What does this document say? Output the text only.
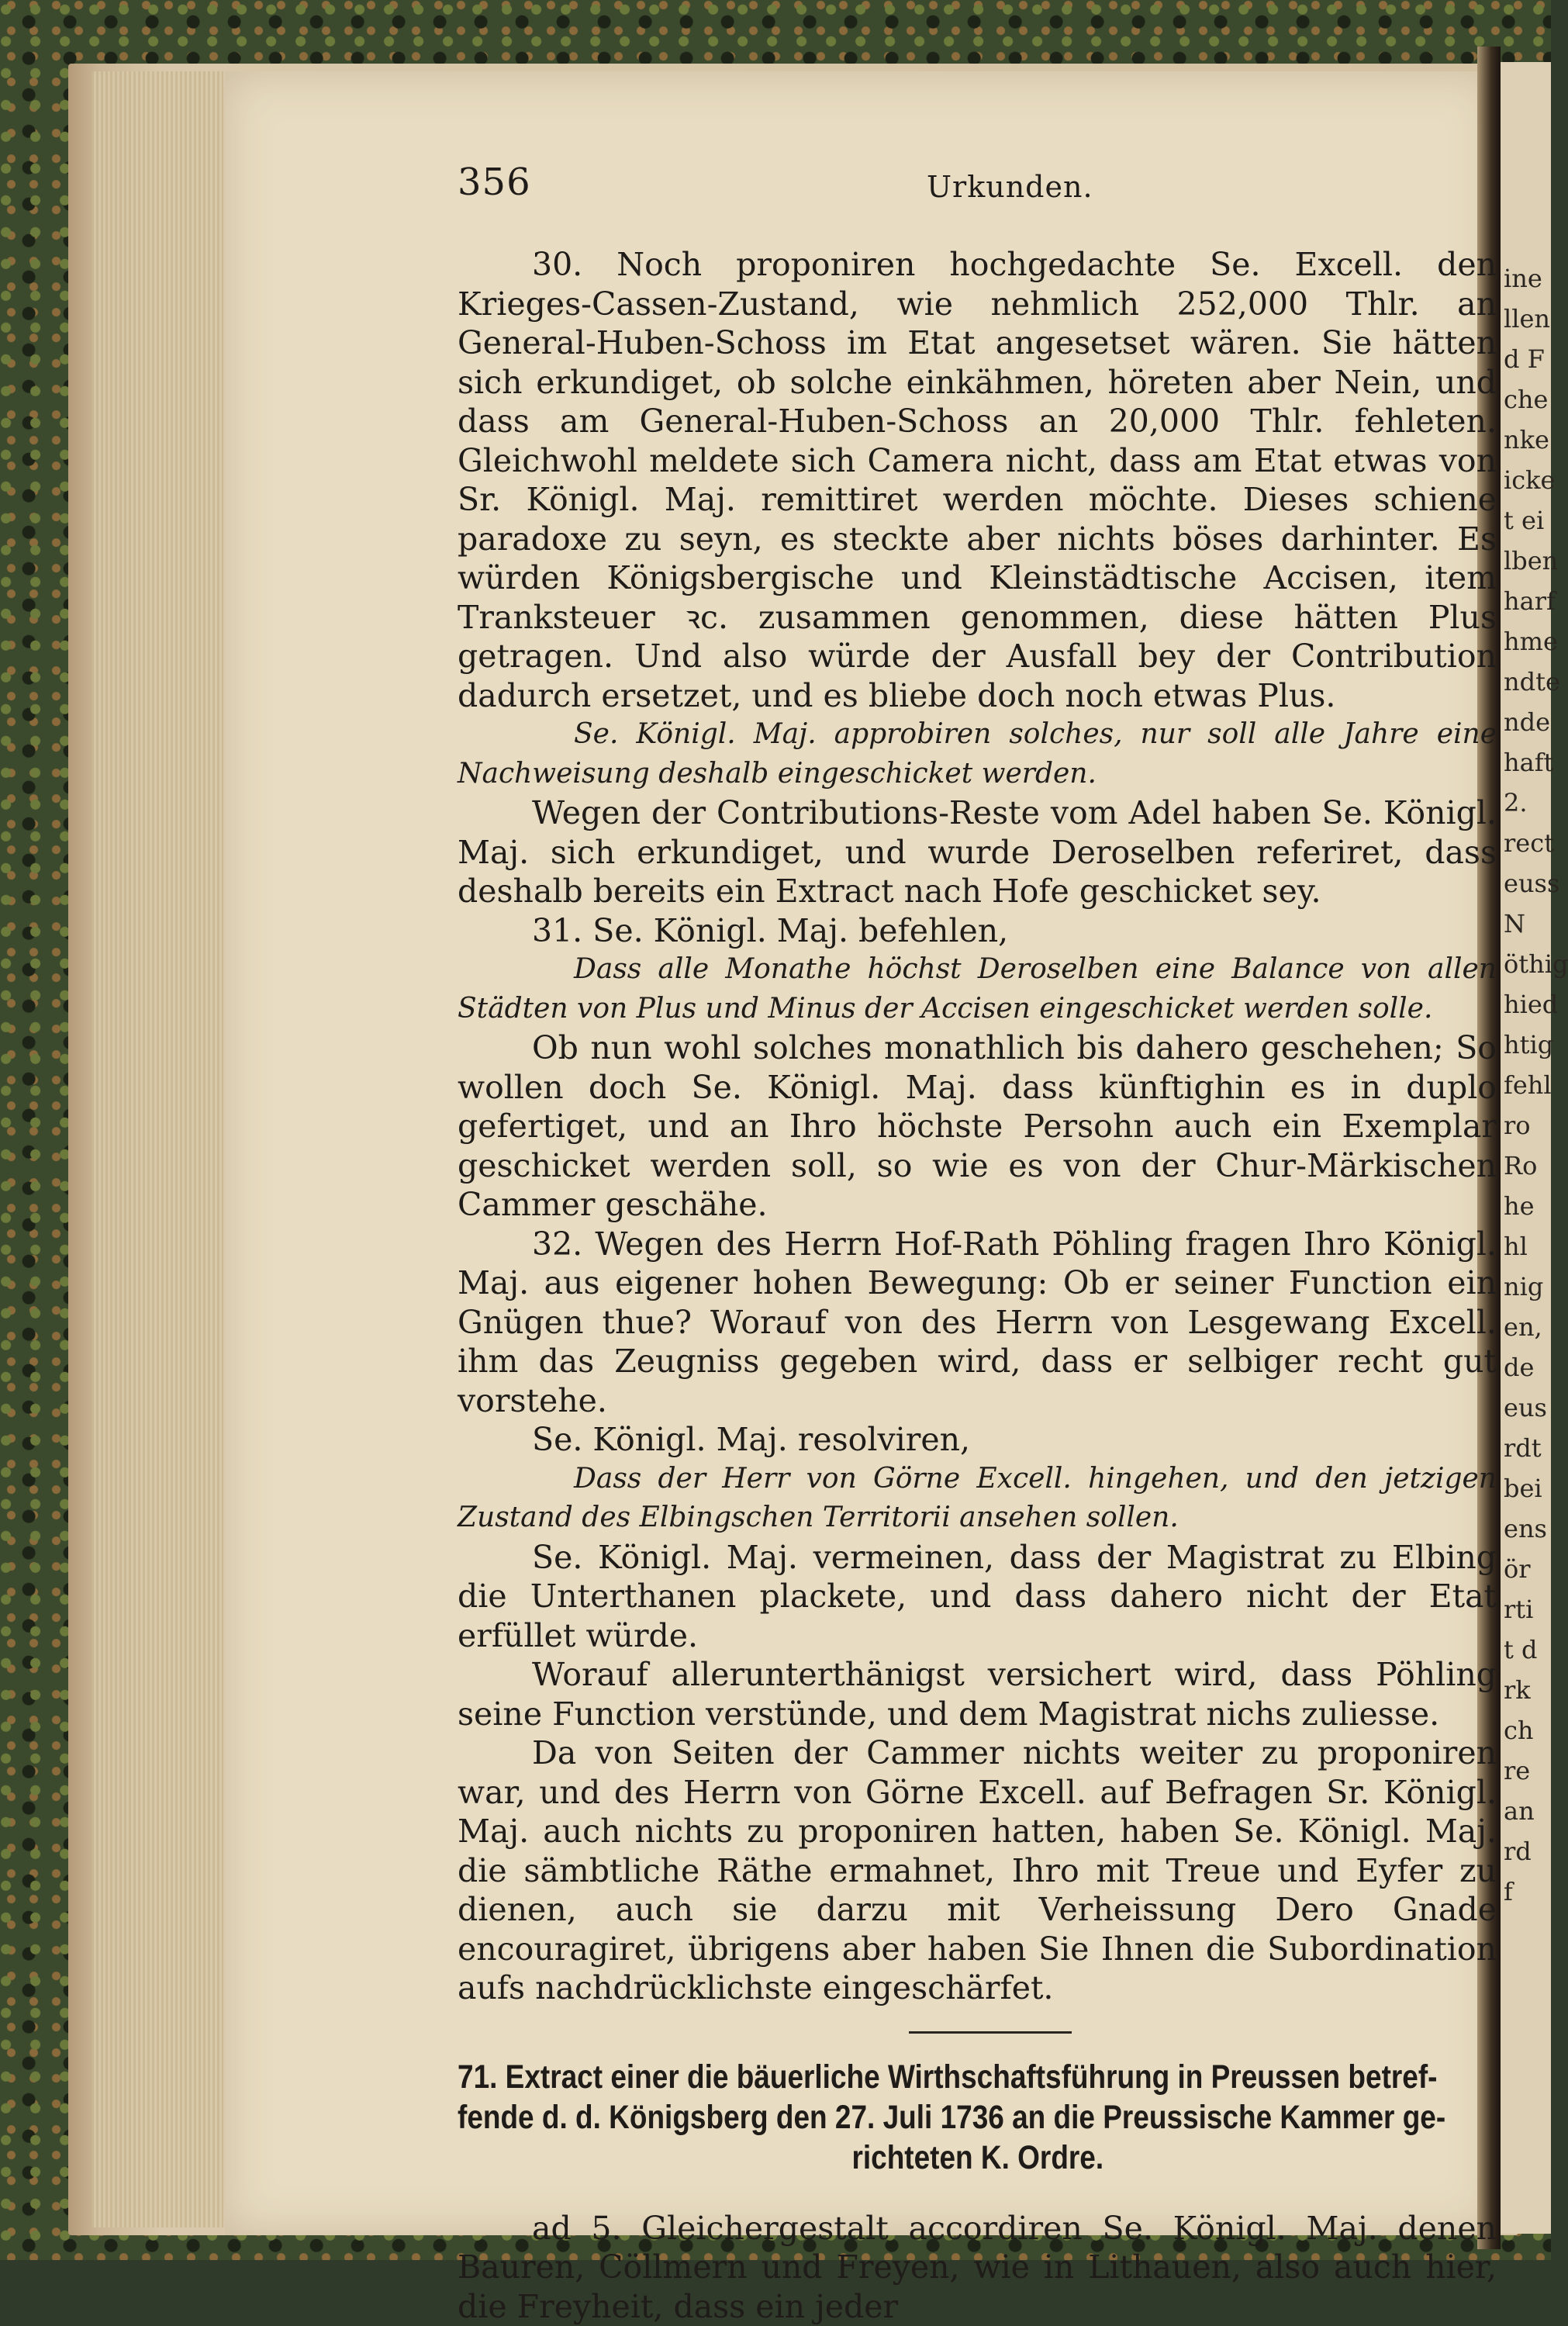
ine
llen
d F
che
nke
icke
t ei
lben
harf
hme
ndte
nde
haft
2.
rect
euss
N
öthig
hied
htig
fehl
ro
Ro
he
hl
nig
en,
de
eus
rdt
bei
ens
ör
rti
t d
rk
ch
re
an
rd
f
356	Urkunden.

30. Noch proponiren hochgedachte Se. Excell. den Krieges-Cassen-Zustand, wie nehmlich 252,000 Thlr. an General-Huben-Schoss im Etat angesetset wären. Sie hätten sich erkundiget, ob solche einkähmen, höreten aber Nein, und dass am General-Huben-Schoss an 20,000 Thlr. fehleten. Gleichwohl meldete sich Camera nicht, dass am Etat etwas von Sr. Königl. Maj. remittiret werden möchte. Dieses schiene paradoxe zu seyn, es steckte aber nichts böses darhinter. Es würden Königsbergische und Kleinstädtische Accisen, item Tranksteuer ꝛc. zusammen genommen, diese hätten Plus getragen. Und also würde der Ausfall bey der Contribution dadurch ersetzet, und es bliebe doch noch etwas Plus.

Se. Königl. Maj. approbiren solches, nur soll alle Jahre eine Nachweisung deshalb eingeschicket werden.

Wegen der Contributions-Reste vom Adel haben Se. Königl. Maj. sich erkundiget, und wurde Deroselben referiret, dass deshalb bereits ein Extract nach Hofe geschicket sey.

31. Se. Königl. Maj. befehlen,

Dass alle Monathe höchst Deroselben eine Balance von allen Städten von Plus und Minus der Accisen eingeschicket werden solle.

Ob nun wohl solches monathlich bis dahero geschehen; So wollen doch Se. Königl. Maj. dass künftighin es in duplo gefertiget, und an Ihro höchste Persohn auch ein Exemplar geschicket werden soll, so wie es von der Chur-Märkischen Cammer geschähe.

32. Wegen des Herrn Hof-Rath Pöhling fragen Ihro Königl. Maj. aus eigener hohen Bewegung: Ob er seiner Function ein Gnügen thue? Worauf von des Herrn von Lesgewang Excell. ihm das Zeugniss gegeben wird, dass er selbiger recht gut vorstehe.

Se. Königl. Maj. resolviren,

Dass der Herr von Görne Excell. hingehen, und den jetzigen Zustand des Elbingschen Territorii ansehen sollen.

Se. Königl. Maj. vermeinen, dass der Magistrat zu Elbing die Unterthanen plackete, und dass dahero nicht der Etat erfüllet würde.

Worauf allerunterthänigst versichert wird, dass Pöhling seine Function verstünde, und dem Magistrat nichs zuliesse.

Da von Seiten der Cammer nichts weiter zu proponiren war, und des Herrn von Görne Excell. auf Befragen Sr. Königl. Maj. auch nichts zu proponiren hatten, haben Se. Königl. Maj. die sämbtliche Räthe ermahnet, Ihro mit Treue und Eyfer zu dienen, auch sie darzu mit Verheissung Dero Gnade encouragiret, übrigens aber haben Sie Ihnen die Subordination aufs nachdrücklichste eingeschärfet.

71. Extract einer die bäuerliche Wirthschaftsführung in Preussen betref-
fende d. d. Königsberg den 27. Juli 1736 an die Preussische Kammer ge-
richteten K. Ordre.

ad 5. Gleichergestalt accordiren Se. Königl. Maj. denen Bauren, Cöllmern und Freyen, wie in Lithauen, also auch hier, die Freyheit, dass ein jeder
